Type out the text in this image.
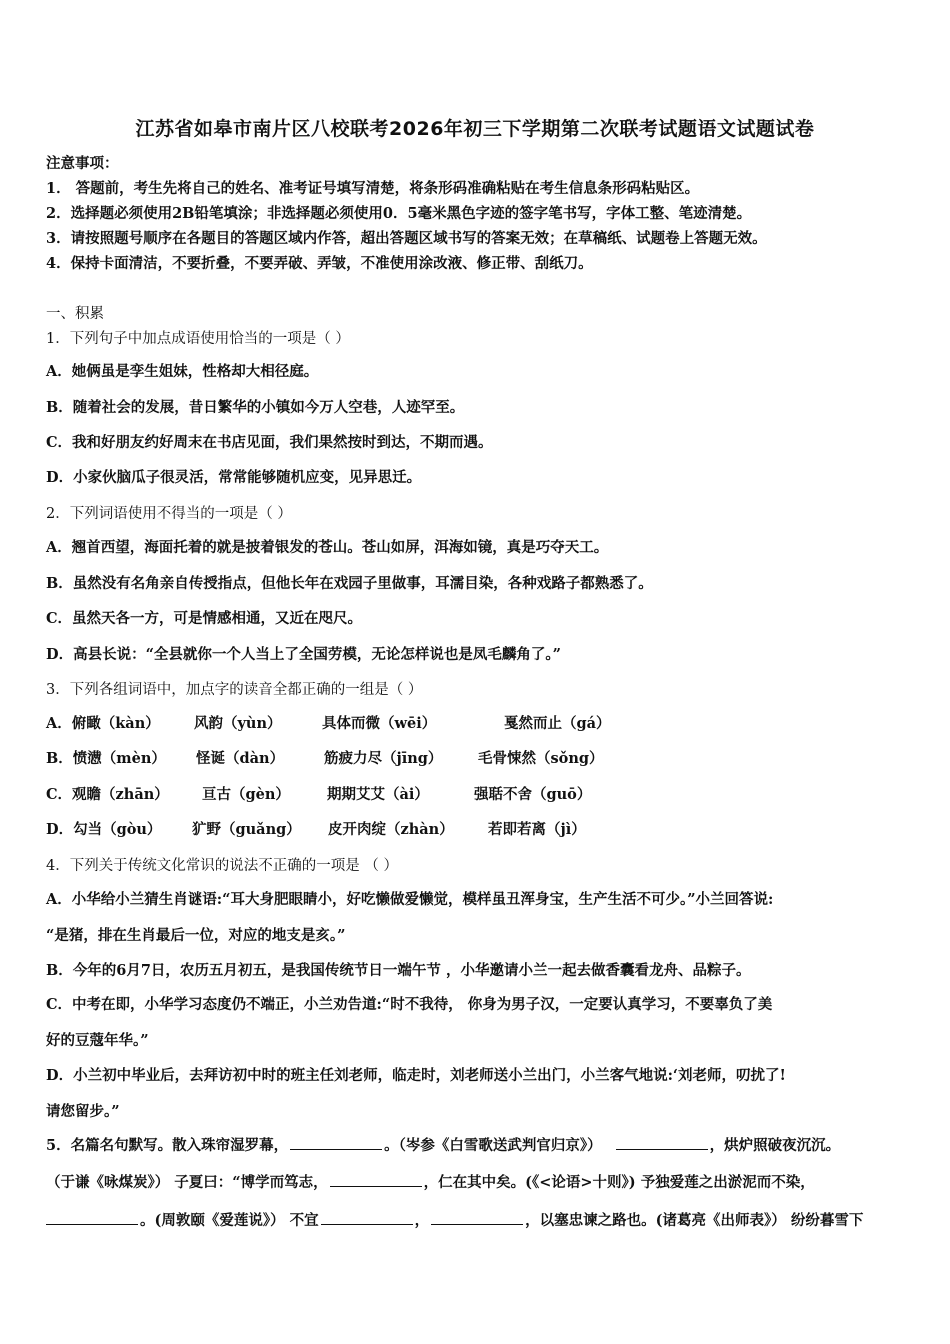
江苏省如皋市南片区八校联考2026年初三下学期第二次联考试题语文试题试卷
注意事项：
1． 答题前，考生先将自己的姓名、准考证号填写清楚，将条形码准确粘贴在考生信息条形码粘贴区。
2．选择题必须使用2B铅笔填涂；非选择题必须使用0．5毫米黑色字迹的签字笔书写，字体工整、笔迹清楚。
3．请按照题号顺序在各题目的答题区域内作答，超出答题区域书写的答案无效；在草稿纸、试题卷上答题无效。
4．保持卡面清洁，不要折叠，不要弄破、弄皱，不准使用涂改液、修正带、刮纸刀。
一、积累
1．下列句子中加点成语使用恰当的一项是（ ）
A．她俩虽是孪生姐妹，性格却大相径庭。
B．随着社会的发展，昔日繁华的小镇如今万人空巷，人迹罕至。
C．我和好朋友约好周末在书店见面，我们果然按时到达，不期而遇。
D．小家伙脑瓜子很灵活，常常能够随机应变，见异思迁。
2．下列词语使用不得当的一项是（ ）
A．翘首西望，海面托着的就是披着银发的苍山。苍山如屏，洱海如镜，真是巧夺天工。
B．虽然没有名角亲自传授指点，但他长年在戏园子里做事，耳濡目染，各种戏路子都熟悉了。
C．虽然天各一方，可是情感相通，又近在咫尺。
D．高县长说：“全县就你一个人当上了全国劳模，无论怎样说也是凤毛麟角了。”
3．下列各组词语中，加点字的读音全都正确的一组是（ ）
A．俯瞰（kàn） 风韵（yùn）	具体而微（wēi）	戛然而止（gá）
B．愤懑（mèn） 怪诞（dàn）	筋疲力尽（jīng） 毛骨悚然（sǒng）
C．观瞻（zhān） 亘古（gèn）	期期艾艾（ài）	强聒不舍（guō）
D．勾当（gòu） 犷野（guǎng） 皮开肉绽（zhàn） 若即若离（jì）
4．下列关于传统文化常识的说法不正确的一项是 （ ）
A．小华给小兰猜生肖谜语:“耳大身肥眼睛小，好吃懒做爱懒觉，模样虽丑浑身宝，生产生活不可少。”小兰回答说:
“是猪，排在生肖最后一位，对应的地支是亥。”
B．今年的6月7日，农历五月初五，是我国传统节日一端午节 ，小华邀请小兰一起去做香囊看龙舟、品粽子。
C．中考在即，小华学习态度仍不端正，小兰劝告道:“时不我待， 你身为男子汉，一定要认真学习，不要辜负了美
好的豆蔻年华。”
D．小兰初中毕业后，去拜访初中时的班主任刘老师，临走时，刘老师送小兰出门，小兰客气地说:‘刘老师，叨扰了!
请您留步。”
5．名篇名句默写。散入珠帘湿罗幕，	。（岑参《白雪歌送武判官归京》）	，烘炉照破夜沉沉。
（于谦《咏煤炭》） 子夏曰：“博学而笃志，	，仁在其中矣。(《<论语>十则》) 予独爱莲之出淤泥而不染，
。(周敦颐《爱莲说》） 不宜	，	，以塞忠谏之路也。(诸葛亮《出师表》） 纷纷暮雪下
